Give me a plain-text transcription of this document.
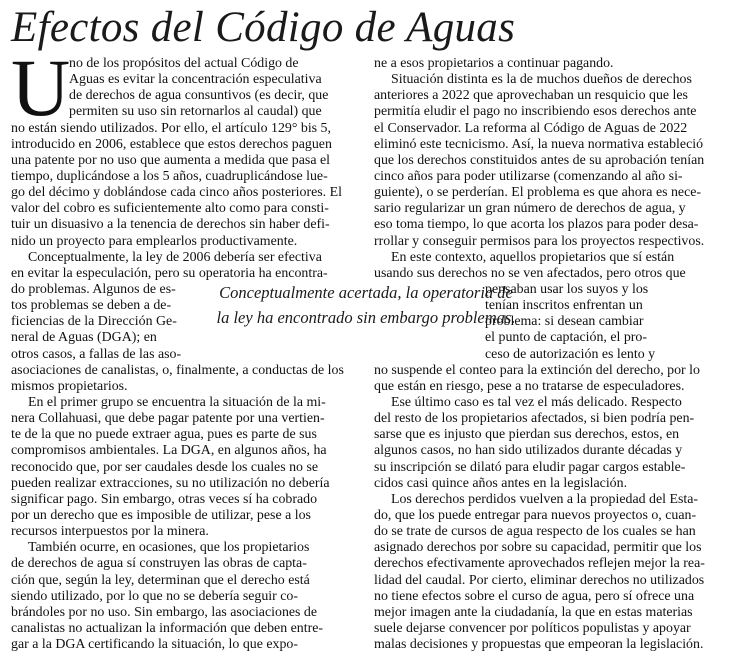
Efectos del Código de Aguas
U
no de los propósitos del actual Código de
Aguas es evitar la concentración especulativa
de derechos de agua consuntivos (es decir, que
permiten su uso sin retornarlos al caudal) que
no están siendo utilizados. Por ello, el artículo 129° bis 5,
introducido en 2006, establece que estos derechos paguen
una patente por no uso que aumenta a medida que pasa el
tiempo, duplicándose a los 5 años, cuadruplicándose lue-
go del décimo y doblándose cada cinco años posteriores. El
valor del cobro es suficientemente alto como para consti-
tuir un disuasivo a la tenencia de derechos sin haber defi-
nido un proyecto para emplearlos productivamente.
Conceptualmente, la ley de 2006 debería ser efectiva
en evitar la especulación, pero su operatoria ha encontra-
do problemas. Algunos de es-
tos problemas se deben a de-
ficiencias de la Dirección Ge-
neral de Aguas (DGA); en
otros casos, a fallas de las aso-
asociaciones de canalistas, o, finalmente, a conductas de los
mismos propietarios.
En el primer grupo se encuentra la situación de la mi-
nera Collahuasi, que debe pagar patente por una vertien-
te de la que no puede extraer agua, pues es parte de sus
compromisos ambientales. La DGA, en algunos años, ha
reconocido que, por ser caudales desde los cuales no se
pueden realizar extracciones, su no utilización no debería
significar pago. Sin embargo, otras veces sí ha cobrado
por un derecho que es imposible de utilizar, pese a los
recursos interpuestos por la minera.
También ocurre, en ocasiones, que los propietarios
de derechos de agua sí construyen las obras de capta-
ción que, según la ley, determinan que el derecho está
siendo utilizado, por lo que no se debería seguir co-
brándoles por no uso. Sin embargo, las asociaciones de
canalistas no actualizan la información que deben entre-
gar a la DGA certificando la situación, lo que expo-
Conceptualmente acertada, la operatoria de
la ley ha encontrado sin embargo problemas.
ne a esos propietarios a continuar pagando.
Situación distinta es la de muchos dueños de derechos
anteriores a 2022 que aprovechaban un resquicio que les
permitía eludir el pago no inscribiendo esos derechos ante
el Conservador. La reforma al Código de Aguas de 2022
eliminó este tecnicismo. Así, la nueva normativa estableció
que los derechos constituidos antes de su aprobación tenían
cinco años para poder utilizarse (comenzando al año si-
guiente), o se perderían. El problema es que ahora es nece-
sario regularizar un gran número de derechos de agua, y
eso toma tiempo, lo que acorta los plazos para poder desa-
rrollar y conseguir permisos para los proyectos respectivos.
En este contexto, aquellos propietarios que sí están
usando sus derechos no se ven afectados, pero otros que
pensaban usar los suyos y los
tenían inscritos enfrentan un
problema: si desean cambiar
el punto de captación, el pro-
ceso de autorización es lento y
no suspende el conteo para la extinción del derecho, por lo
que están en riesgo, pese a no tratarse de especuladores.
Ese último caso es tal vez el más delicado. Respecto
del resto de los propietarios afectados, si bien podría pen-
sarse que es injusto que pierdan sus derechos, estos, en
algunos casos, no han sido utilizados durante décadas y
su inscripción se dilató para eludir pagar cargos estable-
cidos casi quince años antes en la legislación.
Los derechos perdidos vuelven a la propiedad del Esta-
do, que los puede entregar para nuevos proyectos o, cuan-
do se trate de cursos de agua respecto de los cuales se han
asignado derechos por sobre su capacidad, permitir que los
derechos efectivamente aprovechados reflejen mejor la rea-
lidad del caudal. Por cierto, eliminar derechos no utilizados
no tiene efectos sobre el curso de agua, pero sí ofrece una
mejor imagen ante la ciudadanía, la que en estas materias
suele dejarse convencer por políticos populistas y apoyar
malas decisiones y propuestas que empeoran la legislación.
